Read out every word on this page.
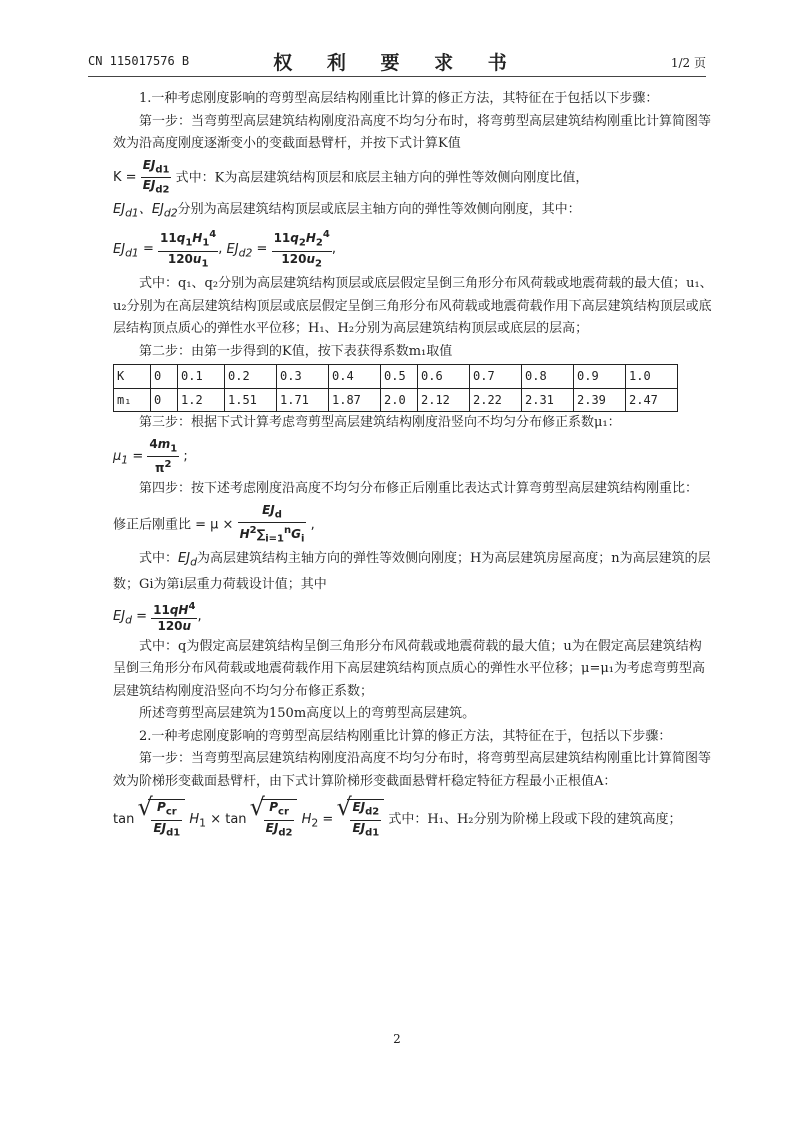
CN 115017576 B	权 利 要 求 书	1/2 页

1.一种考虑刚度影响的弯剪型高层结构刚重比计算的修正方法，其特征在于包括以下步骤：

第一步：当弯剪型高层建筑结构刚度沿高度不均匀分布时，将弯剪型高层建筑结构刚重比计算简图等效为沿高度刚度逐渐变小的变截面悬臂杆，并按下式计算K值

$K = \frac{EJ_{d1}}{EJ_{d2}}$ 式中：K为高层建筑结构顶层和底层主轴方向的弹性等效侧向刚度比值，

$EJ_{d1}$、$EJ_{d2}$分别为高层建筑结构顶层或底层主轴方向的弹性等效侧向刚度，其中：

$EJ_{d1} = \frac{11q_1H_1^4}{120u_1}$ , $EJ_{d2} = \frac{11q_2H_2^4}{120u_2}$ ,

式中：q₁、q₂分别为高层建筑结构顶层或底层假定呈倒三角形分布风荷载或地震荷载的最大值；u₁、u₂分别为在高层建筑结构顶层或底层假定呈倒三角形分布风荷载或地震荷载作用下高层建筑结构顶层或底层结构顶点质心的弹性水平位移；H₁、H₂分别为高层建筑结构顶层或底层的层高；

第二步：由第一步得到的K值，按下表获得系数m₁取值

K	0	0.1	0.2	0.3	0.4	0.5	0.6	0.7	0.8	0.9	1.0
m₁	0	1.2	1.51	1.71	1.87	2.0	2.12	2.22	2.31	2.39	2.47

第三步：根据下式计算考虑弯剪型高层建筑结构刚度沿竖向不均匀分布修正系数μ₁：

$\mu_1 = \frac{4m_1}{\pi^2}$ ;

第四步：按下述考虑刚度沿高度不均匀分布修正后刚重比表达式计算弯剪型高层建筑结构刚重比：

修正后刚重比 = $\mu \times \frac{EJ_d}{H^2\sum_{i=1}^nG_i}$ ,

式中：$EJ_d$为高层建筑结构主轴方向的弹性等效侧向刚度；H为高层建筑房屋高度；n为高层建筑的层数；Gi为第i层重力荷载设计值；其中

$EJ_d = \frac{11qH^4}{120u}$ ,

式中：q为假定高层建筑结构呈倒三角形分布风荷载或地震荷载的最大值；u为在假定高层建筑结构呈倒三角形分布风荷载或地震荷载作用下高层建筑结构顶点质心的弹性水平位移；μ=μ₁为考虑弯剪型高层建筑结构刚度沿竖向不均匀分布修正系数；

所述弯剪型高层建筑为150m高度以上的弯剪型高层建筑。

2.一种考虑刚度影响的弯剪型高层结构刚重比计算的修正方法，其特征在于，包括以下步骤：

第一步：当弯剪型高层建筑结构刚度沿高度不均匀分布时，将弯剪型高层建筑结构刚重比计算简图等效为阶梯形变截面悬臂杆，由下式计算阶梯形变截面悬臂杆稳定特征方程最小正根值A：

tan √ $\frac{P_{cr}}{EJ_{d1}} H_1 \times \tan$ √ $\frac{P_{cr}}{EJ_{d2}} H_2$ = √ $\frac{EJ_{d2}}{EJ_{d1}}$ 式中：H₁、H₂分别为阶梯上段或下段的建筑高度；
2
